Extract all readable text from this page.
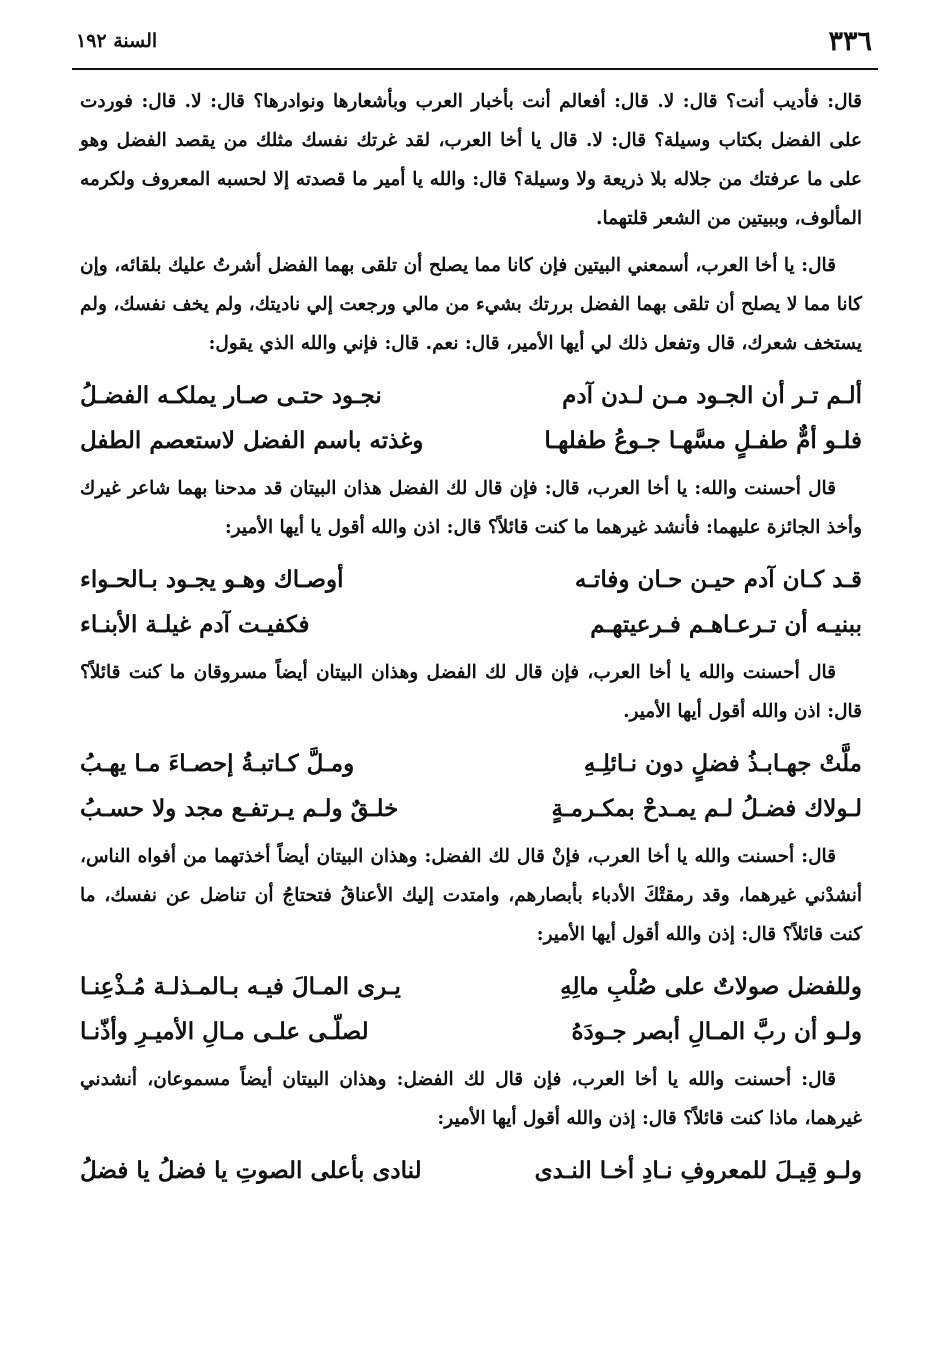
٣٣٦
السنة ١٩٢

قال: فأديب أنت؟ قال: لا. قال: أفعالم أنت بأخبار العرب وبأشعارها ونوادرها؟ قال: لا. قال: فوردت على الفضل بكتاب وسيلة؟ قال: لا. قال يا أخا العرب، لقد غرتك نفسك مثلك من يقصد الفضل وهو على ما عرفتك من جلاله بلا ذريعة ولا وسيلة؟ قال: والله يا أمير ما قصدته إلا لحسبه المعروف ولكرمه المألوف، وببيتين من الشعر قلتهما.

قال: يا أخا العرب، أسمعني البيتين فإن كانا مما يصلح أن تلقى بهما الفضل أشرتُ عليك بلقائه، وإن كانا مما لا يصلح أن تلقى بهما الفضل بررتك بشيء من مالي ورجعت إلي ناديتك، ولم يخف نفسك، ولم يستخف شعرك، قال وتفعل ذلك لي أيها الأمير، قال: نعم. قال: فإني والله الذي يقول:

ألـم تـر أن الجـود مـن لـدن آدم
نجـود حتـى صـار يملكـه الفضـلُ
فلـو أمٌّ طفـلٍ مسَّهـا جـوعُ طفلهـا
وغذته باسم الفضل لاستعصم الطفل

قال أحسنت والله: يا أخا العرب، قال: فإن قال لك الفضل هذان البيتان قد مدحنا بهما شاعر غيرك وأخذ الجائزة عليهما: فأنشد غيرهما ما كنت قائلاً؟ قال: اذن والله أقول يا أيها الأمير:

قـد كـان آدم حيـن حـان وفاتـه
أوصـاك وهـو يجـود بـالحـواء
ببنيـه أن تـرعـاهـم فـرعيتهـم
فكفيـت آدم غيلـة الأبنـاء

قال أحسنت والله يا أخا العرب، فإن قال لك الفضل وهذان البيتان أيضاً مسروقان ما كنت قائلاً؟ قال: اذن والله أقول أيها الأمير.

ملَّتْ جهـابـذُ فضلٍ دون نـائلِـهِ
ومـلَّ كـاتبـةُ إحصـاءَ مـا يهـبُ
لـولاك فضـلُ لـم يمـدحْ بمكـرمـةٍ
خلـقٌ ولـم يـرتفـع مجد ولا حسـبُ

قال: أحسنت والله يا أخا العرب، فإنْ قال لك الفضل: وهذان البيتان أيضاً أخذتهما من أفواه الناس، أنشدْني غيرهما، وقد رمقتْكَ الأدباء بأبصارهم، وامتدت إليك الأعناقُ فتحتاجُ أن تناضل عن نفسك، ما كنت قائلاً؟ قال: إذن والله أقول أيها الأمير:

وللفضل صولاتٌ على صُلْبِ مالِهِ
يـرى المـالَ فيـه بـالمـذلـة مُـذْعِنـا
ولـو أن ربَّ المـالِ أبصر جـودَهُ
لصلّـى علـى مـالِ الأميـرِ وأذّنـا

قال: أحسنت والله يا أخا العرب، فإن قال لك الفضل: وهذان البيتان أيضاً مسموعان، أنشدني غيرهما، ماذا كنت قائلاً؟ قال: إذن والله أقول أيها الأمير:

ولـو قِيـلَ للمعروفِ نـادِ أخـا النـدى
لنادى بأعلى الصوتِ يا فضلُ يا فضلُ
